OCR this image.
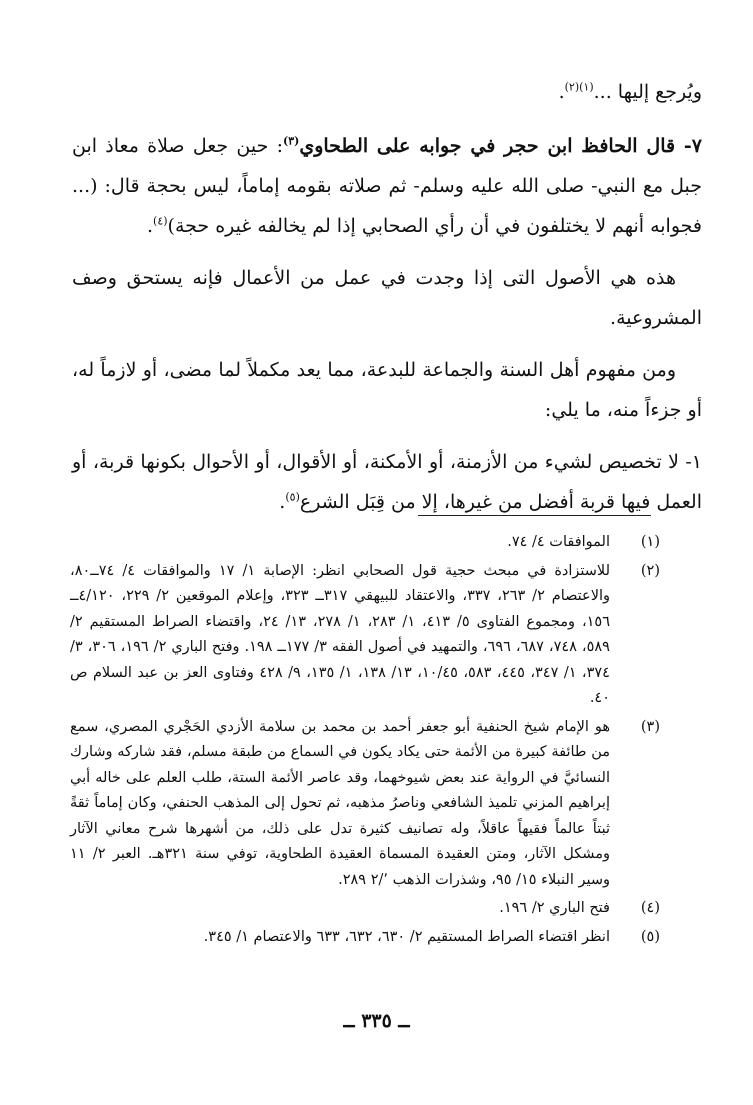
ويُرجع إليها ...$^{(١)(٢)}$.

٧- قال الحافظ ابن حجر في جوابه على الطحاوي$^{(٣)}$: حين جعل صلاة معاذ ابن جبل مع النبي- صلى الله عليه وسلم- ثم صلاته بقومه إماماً، ليس بحجة قال: (... فجوابه أنهم لا يختلفون في أن رأي الصحابي إذا لم يخالفه غيره حجة)$^{(٤)}$.

هذه هي الأصول التى إذا وجدت في عمل من الأعمال فإنه يستحق وصف المشروعية.

ومن مفهوم أهل السنة والجماعة للبدعة، مما يعد مكملاً لما مضى، أو لازماً له، أو جزءاً منه، ما يلي:

١- لا تخصيص لشيء من الأزمنة، أو الأمكنة، أو الأقوال، أو الأحوال بكونها قربة، أو العمل فيها قربة أفضل من غيرها، إلا من قِبَل الشرع$^{(٥)}$.

(١)
الموافقات ٤/ ٧٤.
(٢)
للاستزادة في مبحث حجية قول الصحابي انظر: الإصابة ١/ ١٧ والموافقات ٤/ ٧٤ــ٨٠، والاعتصام ٢/ ٢٦٣، ٣٣٧، والاعتقاد للبيهقي ٣١٧ــ ٣٢٣، وإعلام الموقعين ٢/ ٢٢٩، ٤/١٢٠ــ ١٥٦، ومجموع الفتاوى ٥/ ٤١٣، ١/ ٢٨٣، ١/ ٢٧٨، ١٣/ ٢٤، واقتضاء الصراط المستقيم ٢/ ٥٨٩، ٧٤٨، ٦٨٧، ٦٩٦، والتمهيد في أصول الفقه ٣/ ١٧٧ــ ١٩٨. وفتح الباري ٢/ ١٩٦، ٣٠٦، ٣/ ٣٧٤، ١/ ٣٤٧، ٤٤٥، ٥٨٣، ١٠/٤٥، ١٣/ ١٣٨، ١/ ١٣٥، ٩/ ٤٢٨ وفتاوى العز بن عبد السلام ص ٤٠.
(٣)
هو الإمام شيخ الحنفية أبو جعفر أحمد بن محمد بن سلامة الأزدي الحَجْري المصري، سمع من طائفة كبيرة من الأئمة حتى يكاد يكون في السماع من طبقة مسلم، فقد شاركه وشارك النسائيَّ في الرواية عند بعض شيوخهما، وقد عاصر الأئمة الستة، طلب العلم على خاله أبي إبراهيم المزني تلميذ الشافعي وناصرُ مذهبه، ثم تحول إلى المذهب الحنفي، وكان إماماً ثقةً ثبتاً عالماً فقيهاً عاقلاً، وله تصانيف كثيرة تدل على ذلك، من أشهرها شرح معاني الآثار ومشكل الآثار، ومتن العقيدة المسماة العقيدة الطحاوية، توفي سنة ٣٢١هـ. العبر ٢/ ١١ وسير النبلاء ١٥/ ٩٥، وشذرات الذهب ٢/٬ ٢٨٩.
(٤)
فتح الباري ٢/ ١٩٦.
(٥)
انظر اقتضاء الصراط المستقيم ٢/ ٦٣٠، ٦٣٢، ٦٣٣ والاعتصام ١/ ٣٤٥.
ــ ٣٣٥ ــ
